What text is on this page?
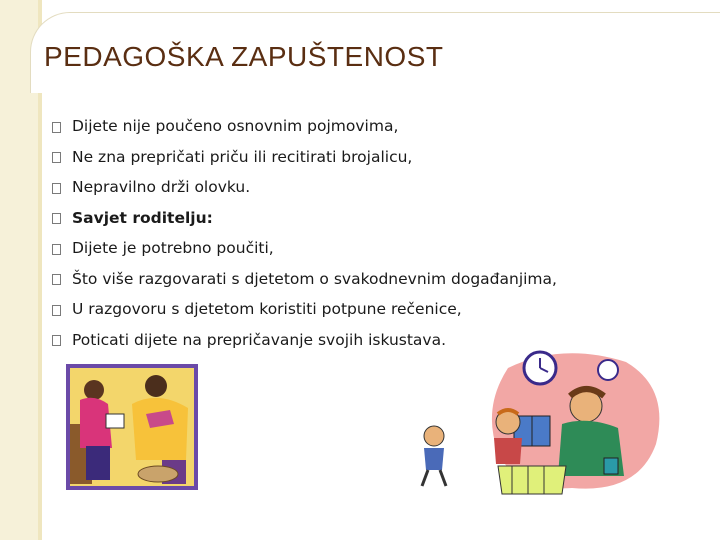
PEDAGOŠKA ZAPUŠTENOST
Dijete nije poučeno osnovnim pojmovima,
Ne zna prepričati priču ili recitirati brojalicu,
Nepravilno drži olovku.
Savjet roditelju:
Dijete je potrebno poučiti,
Što više razgovarati s djetetom o svakodnevnim događanjima,
U razgovoru s djetetom koristiti potpune rečenice,
Poticati dijete na prepričavanje svojih iskustava.
